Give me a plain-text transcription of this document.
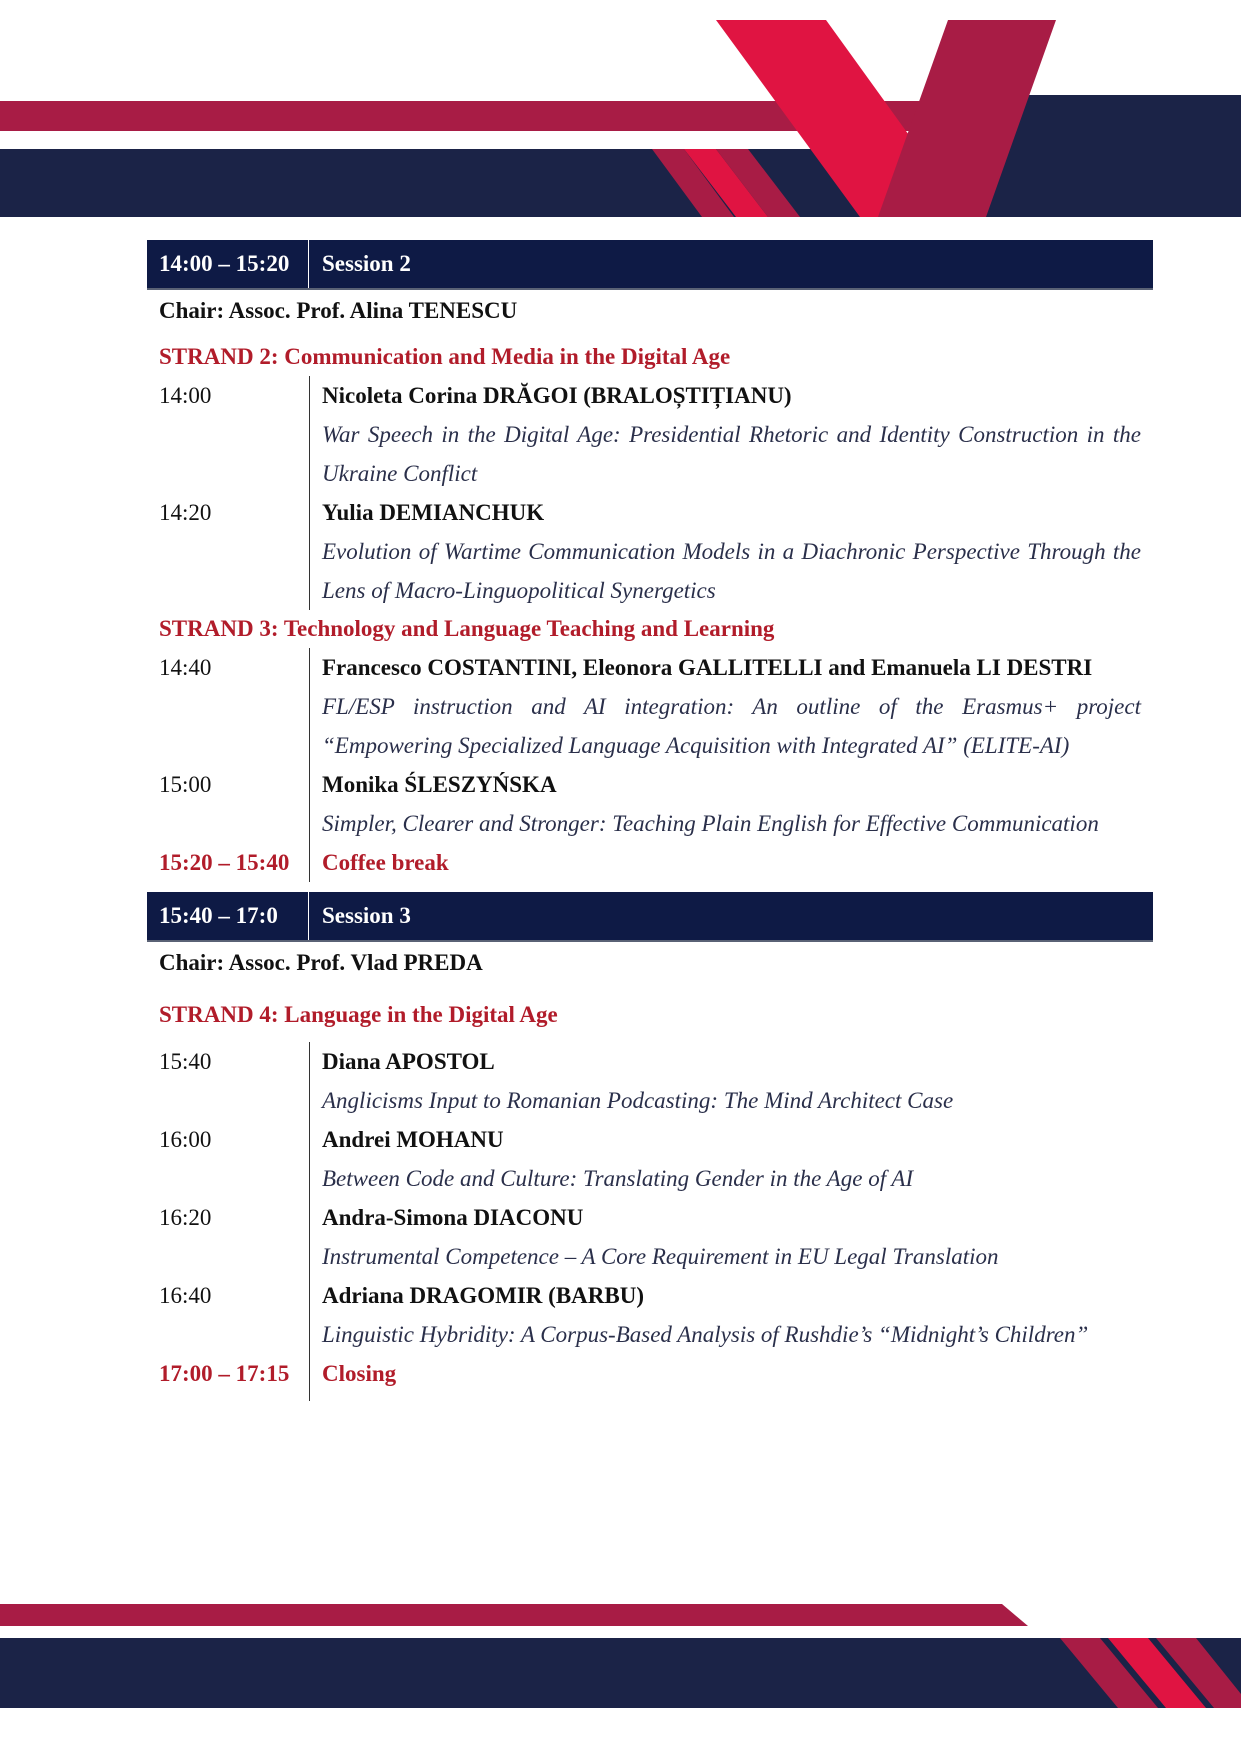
14:00 – 15:20	Session 2
Chair: Assoc. Prof. Alina TENESCU
STRAND 2: Communication and Media in the Digital Age
14:00	Nicoleta Corina DRĂGOI (BRALOȘTIȚIANU)
War Speech in the Digital Age: Presidential Rhetoric and Identity Construction in the Ukraine Conflict
14:20	Yulia DEMIANCHUK
Evolution of Wartime Communication Models in a Diachronic Perspective Through the Lens of Macro-Linguopolitical Synergetics
STRAND 3: Technology and Language Teaching and Learning
14:40	Francesco COSTANTINI, Eleonora GALLITELLI and Emanuela LI DESTRI
FL/ESP instruction and AI integration: An outline of the Erasmus+ project “Empowering Specialized Language Acquisition with Integrated AI” (ELITE-AI)
15:00	Monika ŚLESZYŃSKA
Simpler, Clearer and Stronger: Teaching Plain English for Effective Communication
15:20 – 15:40	Coffee break
15:40 – 17:0	Session 3
Chair: Assoc. Prof. Vlad PREDA
STRAND 4: Language in the Digital Age
15:40	Diana APOSTOL
Anglicisms Input to Romanian Podcasting: The Mind Architect Case
16:00	Andrei MOHANU
Between Code and Culture: Translating Gender in the Age of AI
16:20	Andra-Simona DIACONU
Instrumental Competence – A Core Requirement in EU Legal Translation
16:40	Adriana DRAGOMIR (BARBU)
Linguistic Hybridity: A Corpus-Based Analysis of Rushdie’s “Midnight’s Children”
17:00 – 17:15	Closing
